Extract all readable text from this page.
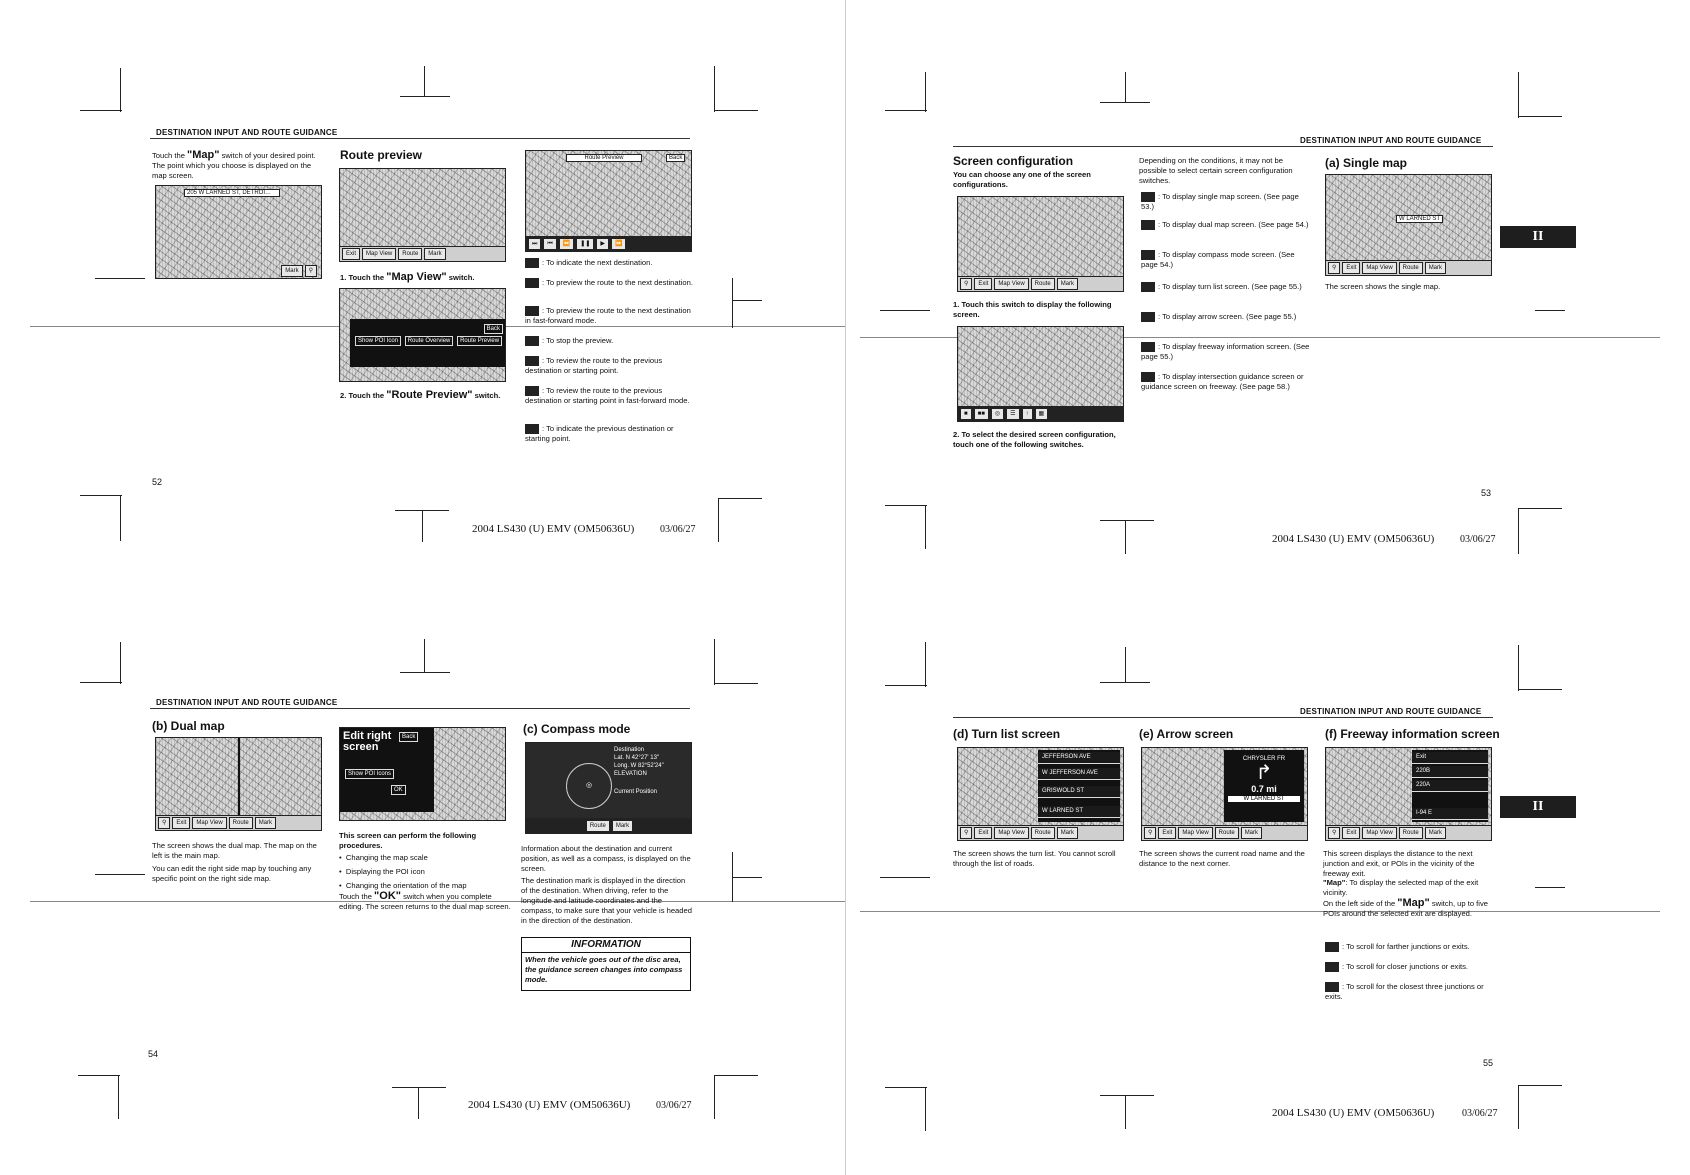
DESTINATION INPUT AND ROUTE GUIDANCE
Touch the "Map" switch of your desired point. The point which you choose is displayed on the map screen.
205 W LARNED ST, DETROI…
Mark	⚲
Route preview
Exit	Map View	Route	Mark
1. Touch the "Map View" switch.
Back
Show POI Icon Route Overview Route Preview
2. Touch the "Route Preview" switch.
Route Preview	Back
⏭	⏮	⏪	❚❚	▶	⏩
: To indicate the next destination.
: To preview the route to the next destination.
: To preview the route to the next destination in fast-forward mode.
: To stop the preview.
: To review the route to the previous destination or starting point.
: To review the route to the previous destination or starting point in fast-forward mode.
: To indicate the previous destination or starting point.
52
2004 LS430 (U) EMV (OM50636U)	03/06/27
DESTINATION INPUT AND ROUTE GUIDANCE
Screen configuration
You can choose any one of the screen configurations.
⚲	Exit	Map View	Route	Mark
1. Touch this switch to display the following screen.
■	■■	◎	☰	↑	▦
2. To select the desired screen configuration, touch one of the following switches.
Depending on the conditions, it may not be possible to select certain screen configuration switches.
: To display single map screen. (See page 53.)
: To display dual map screen. (See page 54.)
: To display compass mode screen. (See page 54.)
: To display turn list screen. (See page 55.)
: To display arrow screen. (See page 55.)
: To display freeway information screen. (See page 55.)
: To display intersection guidance screen or guidance screen on freeway. (See page 58.)
(a) Single map
W LARNED ST
⚲	Exit	Map View	Route	Mark
The screen shows the single map.
II
53
2004 LS430 (U) EMV (OM50636U)	03/06/27
DESTINATION INPUT AND ROUTE GUIDANCE
(b) Dual map
⚲	Exit	Map View	Route	Mark
The screen shows the dual map. The map on the left is the main map.
You can edit the right side map by touching any specific point on the right side map.
Edit right screen
Back
Show POI Icons
OK
This screen can perform the following procedures.
•  Changing the map scale
•  Displaying the POI icon
•  Changing the orientation of the map
Touch the "OK" switch when you complete editing. The screen returns to the dual map screen.
(c) Compass mode
◎
Destination
Lat. N 42°27' 13"
Long. W 82°52'24"
ELEVATION
Current Position
Route	Mark
Information about the destination and current position, as well as a compass, is displayed on the screen.
The destination mark is displayed in the direction of the destination. When driving, refer to the longitude and latitude coordinates and the compass, to make sure that your vehicle is headed in the direction of the destination.
INFORMATION
When the vehicle goes out of the disc area, the guidance screen changes into compass mode.
54
2004 LS430 (U) EMV (OM50636U)	03/06/27
DESTINATION INPUT AND ROUTE GUIDANCE
(d) Turn list screen
JEFFERSON AVE
W JEFFERSON AVE
GRISWOLD ST
W LARNED ST
⚲	Exit	Map View	Route	Mark
The screen shows the turn list. You cannot scroll through the list of roads.
(e) Arrow screen
CHRYSLER FR
↱
0.7 mi
W LARNED ST
⚲	Exit	Map View	Route	Mark
The screen shows the current road name and the distance to the next corner.
(f) Freeway information screen
Exit
220B
220A
I-94 E
⚲	Exit	Map View	Route	Mark
This screen displays the distance to the next junction and exit, or POIs in the vicinity of the freeway exit.
"Map": To display the selected map of the exit vicinity.
On the left side of the "Map" switch, up to five POIs around the selected exit are displayed.
: To scroll for farther junctions or exits.
: To scroll for closer junctions or exits.
: To scroll for the closest three junctions or exits.
II
55
2004 LS430 (U) EMV (OM50636U)	03/06/27
